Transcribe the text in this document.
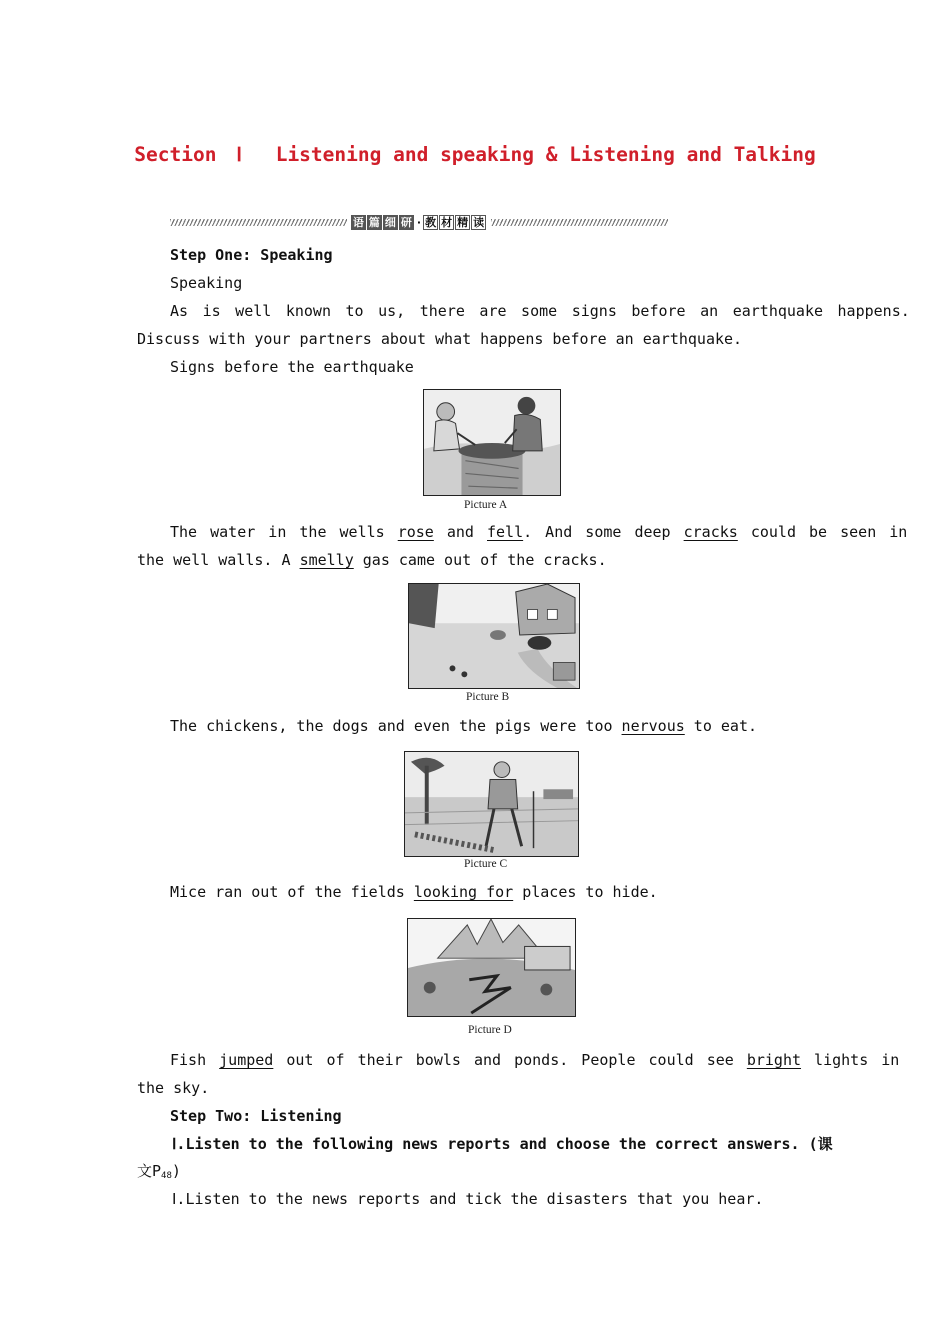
Section Ⅰ Listening and speaking & Listening and Talking
语 篇 细 研 · 教 材 精 读
Step One: Speaking
Speaking
As is well known to us, there are some signs before an earthquake happens.
Discuss with your partners about what happens before an earthquake.
Signs before the earthquake
Picture A
The water in the wells rose and fell. And some deep cracks could be seen in
the well walls. A smelly gas came out of the cracks.
Picture B
The chickens, the dogs and even the pigs were too nervous to eat.
Picture C
Mice ran out of the fields looking for places to hide.
Picture D
Fish jumped out of their bowls and ponds. People could see bright lights in
the sky.
Step Two: Listening
Ⅰ.Listen to the following news reports and choose the correct answers. (课
文$P_{48}$)
Ⅰ.Listen to the news reports and tick the disasters that you hear.
